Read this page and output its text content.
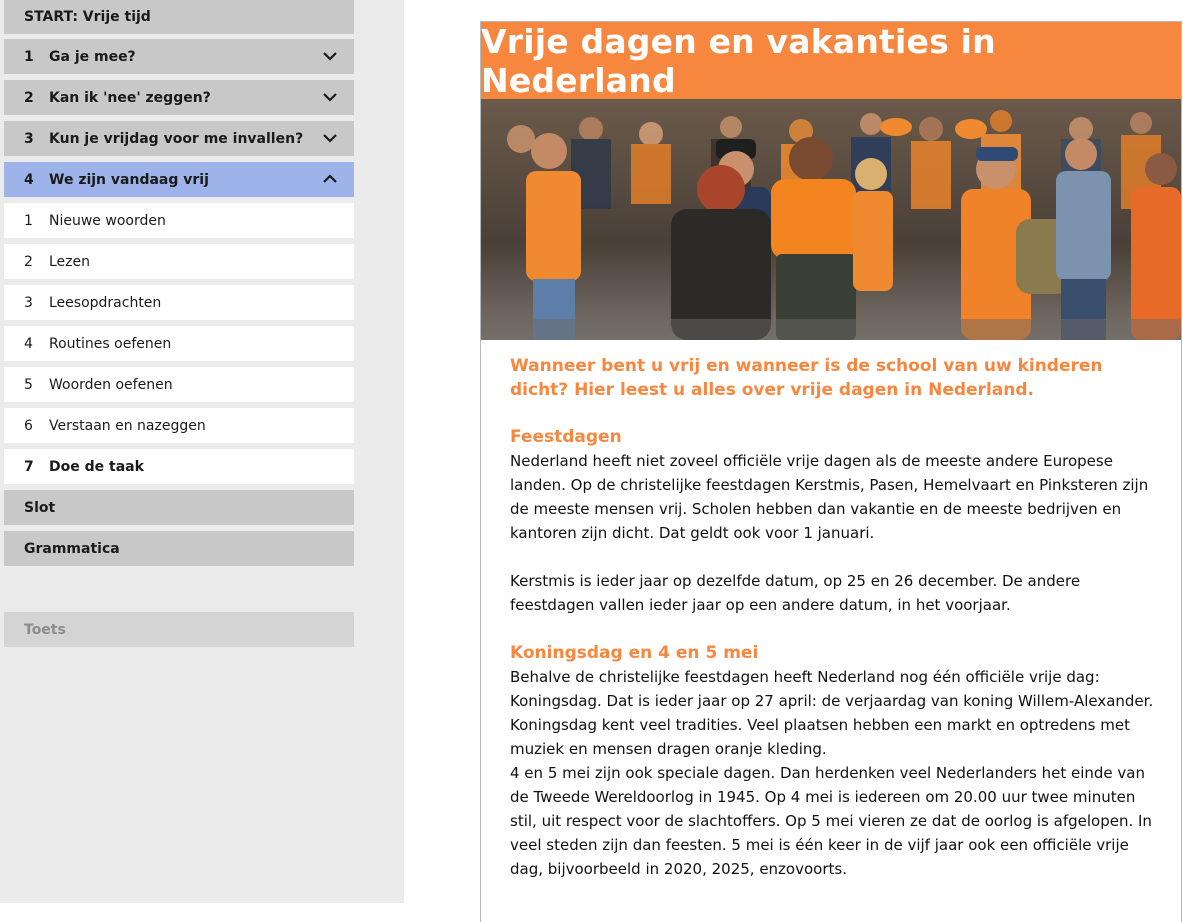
START: Vrije tijd
1	Ga je mee?
2	Kan ik 'nee' zeggen?
3	Kun je vrijdag voor me invallen?
4	We zijn vandaag vrij
1	Nieuwe woorden
2	Lezen
3	Leesopdrachten
4	Routines oefenen
5	Woorden oefenen
6	Verstaan en nazeggen
7	Doe de taak
Slot
Grammatica
Toets
Vrije dagen en vakanties in Nederland

Wanneer bent u vrij en wanneer is de school van uw kinderen dicht? Hier leest u alles over vrije dagen in Nederland.

Feestdagen

Nederland heeft niet zoveel officiële vrije dagen als de meeste andere Europese landen. Op de christelijke feestdagen Kerstmis, Pasen, Hemelvaart en Pinksteren zijn de meeste mensen vrij. Scholen hebben dan vakantie en de meeste bedrijven en kantoren zijn dicht. Dat geldt ook voor 1 januari.

Kerstmis is ieder jaar op dezelfde datum, op 25 en 26 december. De andere feestdagen vallen ieder jaar op een andere datum, in het voorjaar.

Koningsdag en 4 en 5 mei

Behalve de christelijke feestdagen heeft Nederland nog één officiële vrije dag: Koningsdag. Dat is ieder jaar op 27 april: de verjaardag van koning Willem-Alexander. Koningsdag kent veel tradities. Veel plaatsen hebben een markt en optredens met muziek en mensen dragen oranje kleding.

4 en 5 mei zijn ook speciale dagen. Dan herdenken veel Nederlanders het einde van de Tweede Wereldoorlog in 1945. Op 4 mei is iedereen om 20.00 uur twee minuten stil, uit respect voor de slachtoffers. Op 5 mei vieren ze dat de oorlog is afgelopen. In veel steden zijn dan feesten. 5 mei is één keer in de vijf jaar ook een officiële vrije dag, bijvoorbeeld in 2020, 2025, enzovoorts.
